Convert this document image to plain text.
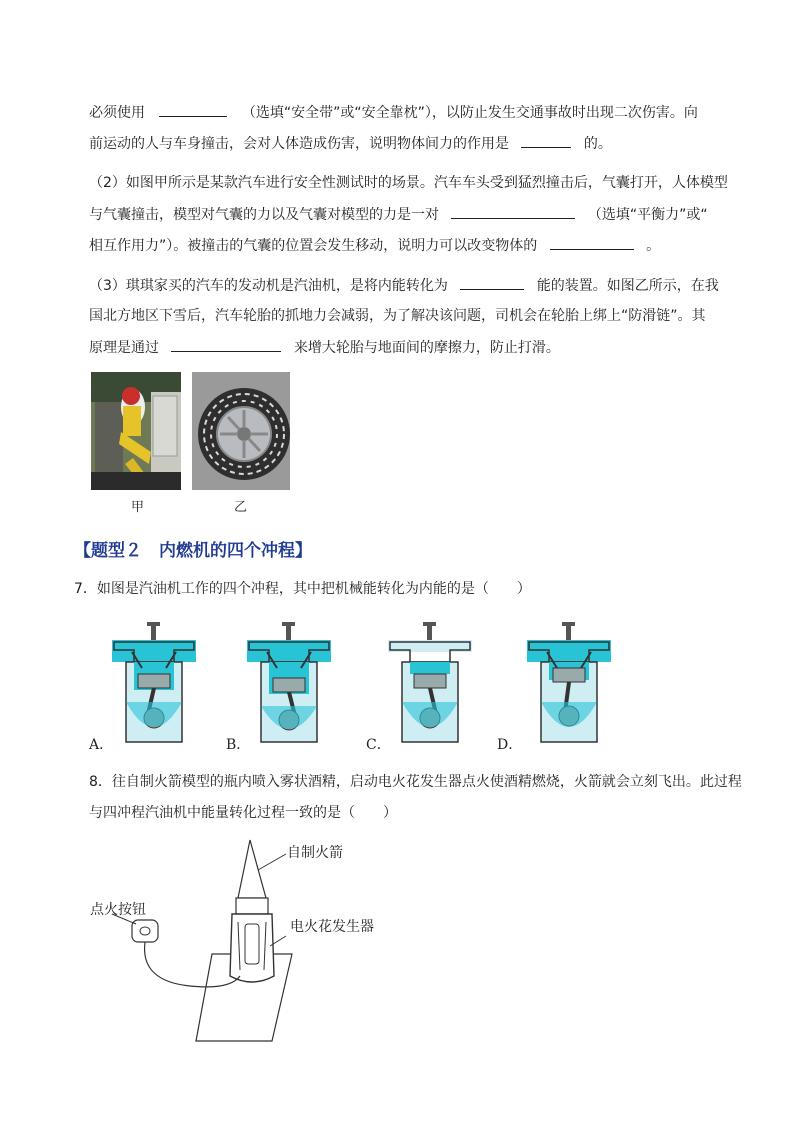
必须使用	（选填“安全带”或“安全靠枕”），以防止发生交通事故时出现二次伤害。向
前运动的人与车身撞击，会对人体造成伤害，说明物体间力的作用是	的。
（2）如图甲所示是某款汽车进行安全性测试时的场景。汽车车头受到猛烈撞击后，气囊打开，人体模型
与气囊撞击，模型对气囊的力以及气囊对模型的力是一对	（选填“平衡力”或“
相互作用力”）。被撞击的气囊的位置会发生移动，说明力可以改变物体的	。
（3）琪琪家买的汽车的发动机是汽油机，是将内能转化为	能的装置。如图乙所示，在我
国北方地区下雪后，汽车轮胎的抓地力会减弱，为了解决该问题，司机会在轮胎上绑上“防滑链”。其
原理是通过	来增大轮胎与地面间的摩擦力，防止打滑。
甲	乙
【题型２　内燃机的四个冲程】
7．如图是汽油机工作的四个冲程，其中把机械能转化为内能的是（　　）
A．	B．	C．	D．
8．往自制火箭模型的瓶内喷入雾状酒精，启动电火花发生器点火使酒精燃烧，火箭就会立刻飞出。此过程
与四冲程汽油机中能量转化过程一致的是（　　）
自制火箭
点火按钮
电火花发生器
